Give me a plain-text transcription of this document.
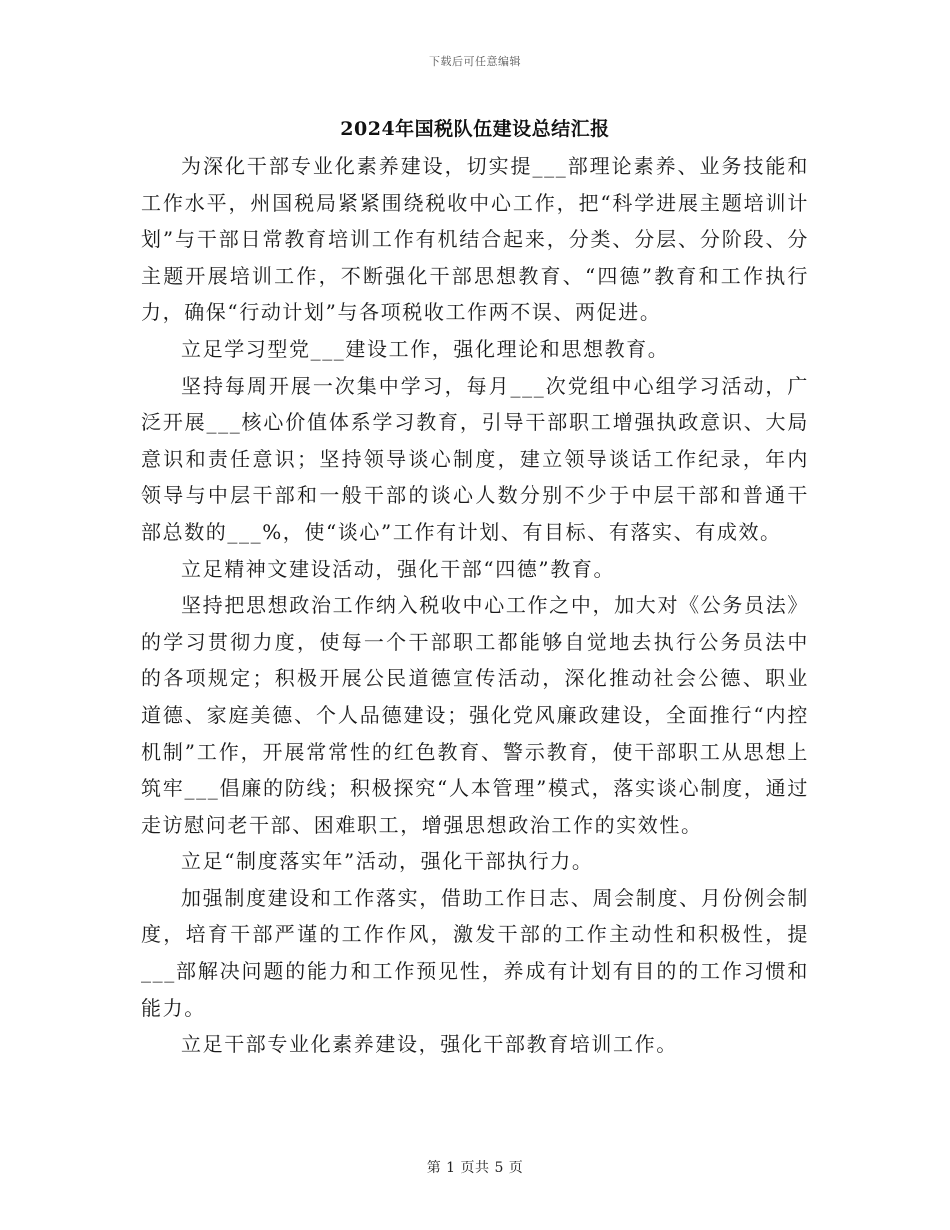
下载后可任意编辑
2024年国税队伍建设总结汇报

为深化干部专业化素养建设，切实提___部理论素养、业务技能和工作水平，州国税局紧紧围绕税收中心工作，把“科学进展主题培训计划”与干部日常教育培训工作有机结合起来，分类、分层、分阶段、分主题开展培训工作，不断强化干部思想教育、“四德”教育和工作执行力，确保“行动计划”与各项税收工作两不误、两促进。

立足学习型党___建设工作，强化理论和思想教育。

坚持每周开展一次集中学习，每月___次党组中心组学习活动，广泛开展___核心价值体系学习教育，引导干部职工增强执政意识、大局意识和责任意识；坚持领导谈心制度，建立领导谈话工作纪录，年内领导与中层干部和一般干部的谈心人数分别不少于中层干部和普通干部总数的___%，使“谈心”工作有计划、有目标、有落实、有成效。

立足精神文建设活动，强化干部“四德”教育。

坚持把思想政治工作纳入税收中心工作之中，加大对《公务员法》的学习贯彻力度，使每一个干部职工都能够自觉地去执行公务员法中的各项规定；积极开展公民道德宣传活动，深化推动社会公德、职业道德、家庭美德、个人品德建设；强化党风廉政建设，全面推行“内控机制”工作，开展常常性的红色教育、警示教育，使干部职工从思想上筑牢___倡廉的防线；积极探究“人本管理”模式，落实谈心制度，通过走访慰问老干部、困难职工，增强思想政治工作的实效性。

立足“制度落实年”活动，强化干部执行力。

加强制度建设和工作落实，借助工作日志、周会制度、月份例会制度，培育干部严谨的工作作风，激发干部的工作主动性和积极性，提___部解决问题的能力和工作预见性，养成有计划有目的的工作习惯和能力。

立足干部专业化素养建设，强化干部教育培训工作。

第 1 页共 5 页
